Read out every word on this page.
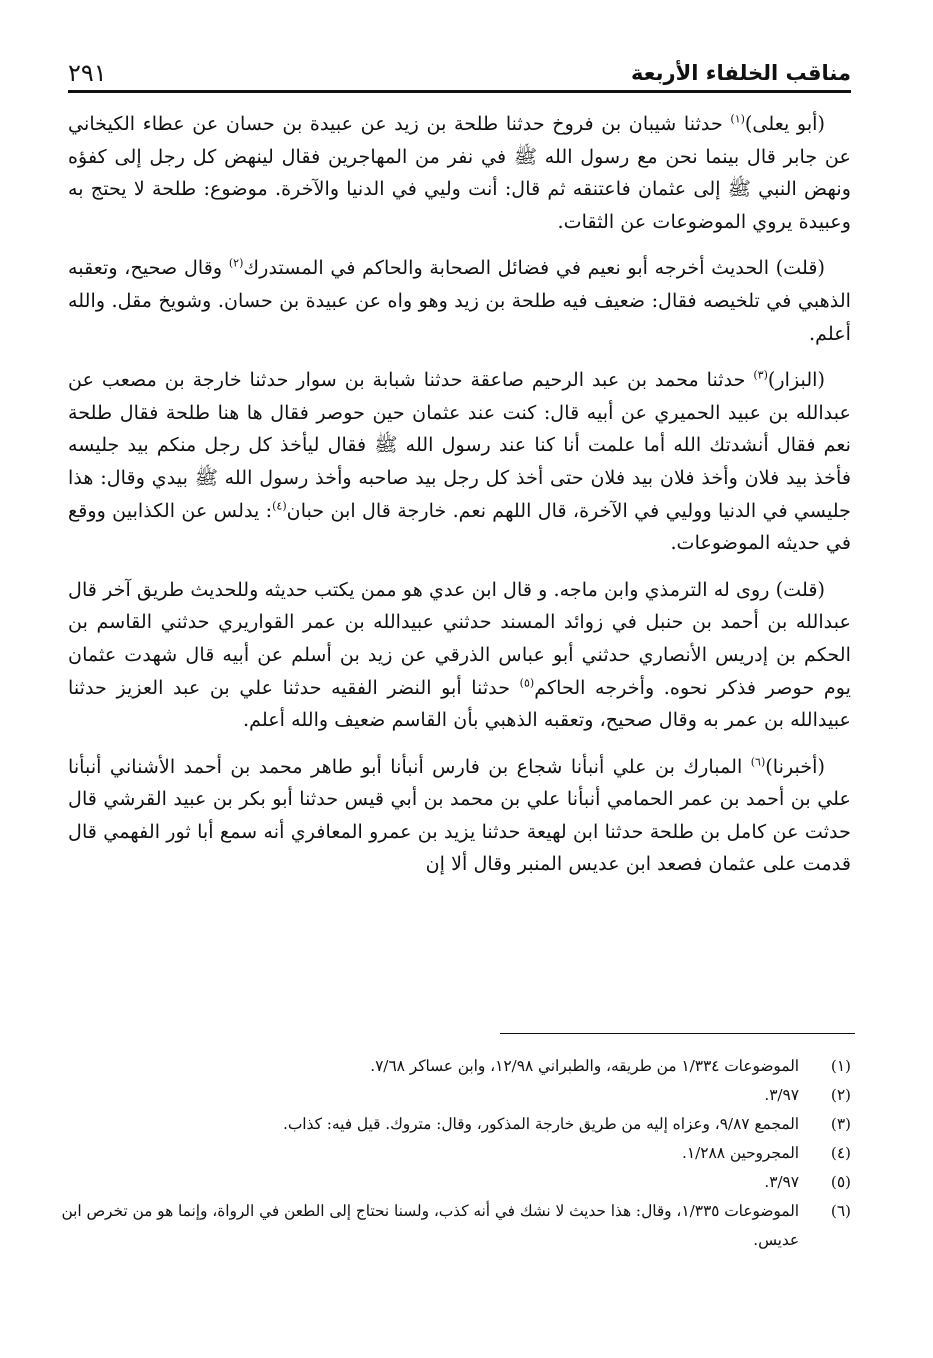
مناقب الخلفاء الأربعة
٢٩١

(أبو يعلى)$^{(١)}$ حدثنا شيبان بن فروخ حدثنا طلحة بن زيد عن عبيدة بن حسان عن عطاء الكيخاني عن جابر قال بينما نحن مع رسول الله ﷺ في نفر من المهاجرين فقال لينهض كل رجل إلى كفؤه ونهض النبي ﷺ إلى عثمان فاعتنقه ثم قال: أنت وليي في الدنيا والآخرة. موضوع: طلحة لا يحتج به وعبيدة يروي الموضوعات عن الثقات.

(قلت) الحديث أخرجه أبو نعيم في فضائل الصحابة والحاكم في المستدرك$^{(٢)}$ وقال صحيح، وتعقبه الذهبي في تلخيصه فقال: ضعيف فيه طلحة بن زيد وهو واه عن عبيدة بن حسان. وشويخ مقل. والله أعلم.

(البزار)$^{(٣)}$ حدثنا محمد بن عبد الرحيم صاعقة حدثنا شبابة بن سوار حدثنا خارجة بن مصعب عن عبدالله بن عبيد الحميري عن أبيه قال: كنت عند عثمان حين حوصر فقال ها هنا طلحة فقال طلحة نعم فقال أنشدتك الله أما علمت أنا كنا عند رسول الله ﷺ فقال ليأخذ كل رجل منكم بيد جليسه فأخذ بيد فلان وأخذ فلان بيد فلان حتى أخذ كل رجل بيد صاحبه وأخذ رسول الله ﷺ بيدي وقال: هذا جليسي في الدنيا ووليي في الآخرة، قال اللهم نعم. خارجة قال ابن حبان$^{(٤)}$: يدلس عن الكذابين ووقع في حديثه الموضوعات.

(قلت) روى له الترمذي وابن ماجه. و قال ابن عدي هو ممن يكتب حديثه وللحديث طريق آخر قال عبدالله بن أحمد بن حنبل في زوائد المسند حدثني عبيدالله بن عمر القواريري حدثني القاسم بن الحكم بن إدريس الأنصاري حدثني أبو عباس الذرقي عن زيد بن أسلم عن أبيه قال شهدت عثمان يوم حوصر فذكر نحوه. وأخرجه الحاكم$^{(٥)}$ حدثنا أبو النضر الفقيه حدثنا علي بن عبد العزيز حدثنا عبيدالله بن عمر به وقال صحيح، وتعقبه الذهبي بأن القاسم ضعيف والله أعلم.

(أخبرنا)$^{(٦)}$ المبارك بن علي أنبأنا شجاع بن فارس أنبأنا أبو طاهر محمد بن أحمد الأشناني أنبأنا علي بن أحمد بن عمر الحمامي أنبأنا علي بن محمد بن أبي قيس حدثنا أبو بكر بن عبيد القرشي قال حدثت عن كامل بن طلحة حدثنا ابن لهيعة حدثنا يزيد بن عمرو المعافري أنه سمع أبا ثور الفهمي قال قدمت على عثمان فصعد ابن عديس المنبر وقال ألا إن

(١)
الموضوعات ١/٣٣٤ من طريقه، والطبراني ١٢/٩٨، وابن عساكر ٧/٦٨.
(٢)
٣/٩٧.
(٣)
المجمع ٩/٨٧، وعزاه إليه من طريق خارجة المذكور، وقال: متروك. قيل فيه: كذاب.
(٤)
المجروحين ١/٢٨٨.
(٥)
٣/٩٧.
(٦)
الموضوعات ١/٣٣٥، وقال: هذا حديث لا نشك في أنه كذب، ولسنا نحتاج إلى الطعن في الرواة، وإنما هو من تخرص ابن عديس.
